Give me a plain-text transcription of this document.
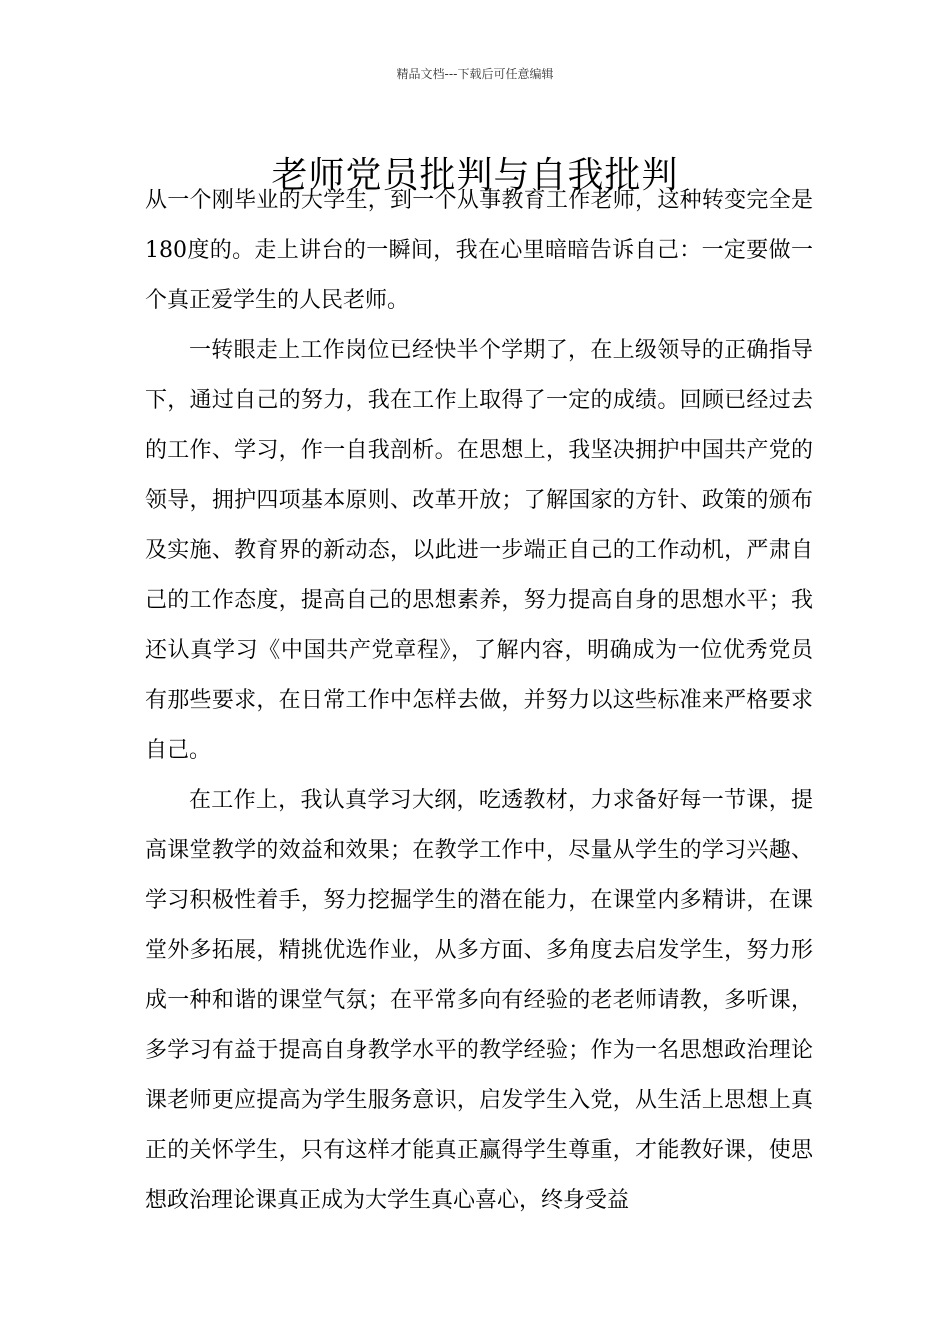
精品文档---下载后可任意编辑
老师党员批判与自我批判

从一个刚毕业的大学生，到一个从事教育工作老师，这种转变完全是180度的。走上讲台的一瞬间，我在心里暗暗告诉自己：一定要做一个真正爱学生的人民老师。

一转眼走上工作岗位已经快半个学期了，在上级领导的正确指导下，通过自己的努力，我在工作上取得了一定的成绩。回顾已经过去的工作、学习，作一自我剖析。在思想上，我坚决拥护中国共产党的领导，拥护四项基本原则、改革开放；了解国家的方针、政策的颁布及实施、教育界的新动态，以此进一步端正自己的工作动机，严肃自己的工作态度，提高自己的思想素养，努力提高自身的思想水平；我还认真学习《中国共产党章程》，了解内容，明确成为一位优秀党员有那些要求，在日常工作中怎样去做，并努力以这些标准来严格要求自己。

在工作上，我认真学习大纲，吃透教材，力求备好每一节课，提高课堂教学的效益和效果；在教学工作中，尽量从学生的学习兴趣、学习积极性着手，努力挖掘学生的潜在能力，在课堂内多精讲，在课堂外多拓展，精挑优选作业，从多方面、多角度去启发学生，努力形成一种和谐的课堂气氛；在平常多向有经验的老老师请教，多听课，多学习有益于提高自身教学水平的教学经验；作为一名思想政治理论课老师更应提高为学生服务意识，启发学生入党，从生活上思想上真正的关怀学生，只有这样才能真正赢得学生尊重，才能教好课，使思想政治理论课真正成为大学生真心喜心，终身受益
